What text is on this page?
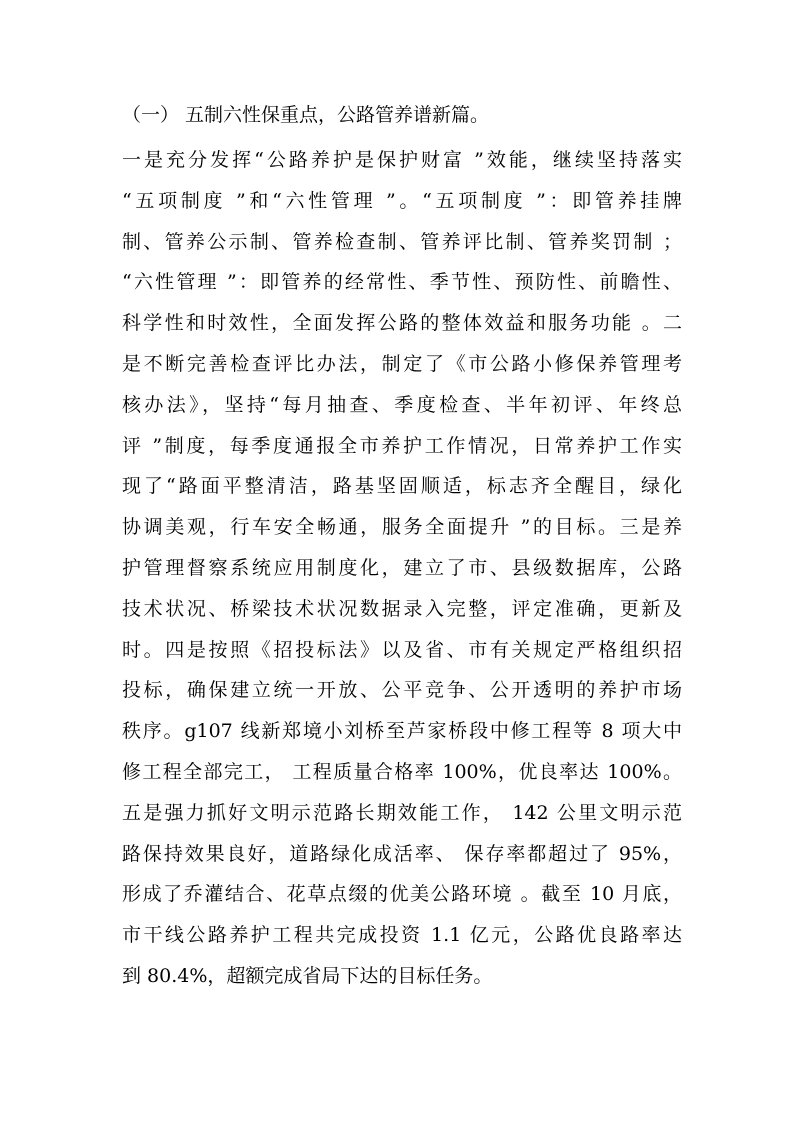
（一） 五制六性保重点，公路管养谱新篇。
一是充分发挥“公路养护是保护财富 ”效能，继续坚持落实
“五项制度 ”和“六性管理 ”。“五项制度 ”：即管养挂牌
制、管养公示制、管养检查制、管养评比制、管养奖罚制 ；
“六性管理 ”：即管养的经常性、季节性、预防性、前瞻性、
科学性和时效性，全面发挥公路的整体效益和服务功能 。二
是不断完善检查评比办法，制定了《市公路小修保养管理考
核办法》，坚持“每月抽查、季度检查、半年初评、年终总
评 ”制度，每季度通报全市养护工作情况，日常养护工作实
现了“路面平整清洁，路基坚固顺适，标志齐全醒目，绿化
协调美观，行车安全畅通，服务全面提升 ”的目标。三是养
护管理督察系统应用制度化，建立了市、县级数据库，公路
技术状况、桥梁技术状况数据录入完整，评定准确，更新及
时。四是按照《招投标法》以及省、市有关规定严格组织招
投标，确保建立统一开放、公平竞争、公开透明的养护市场
秩序。g107 线新郑境小刘桥至芦家桥段中修工程等 8 项大中
修工程全部完工， 工程质量合格率 100%，优良率达 100%。
五是强力抓好文明示范路长期效能工作， 142 公里文明示范
路保持效果良好，道路绿化成活率、 保存率都超过了 95%，
形成了乔灌结合、花草点缀的优美公路环境 。截至 10 月底，
市干线公路养护工程共完成投资 1.1 亿元，公路优良路率达
到 80.4%，超额完成省局下达的目标任务。
